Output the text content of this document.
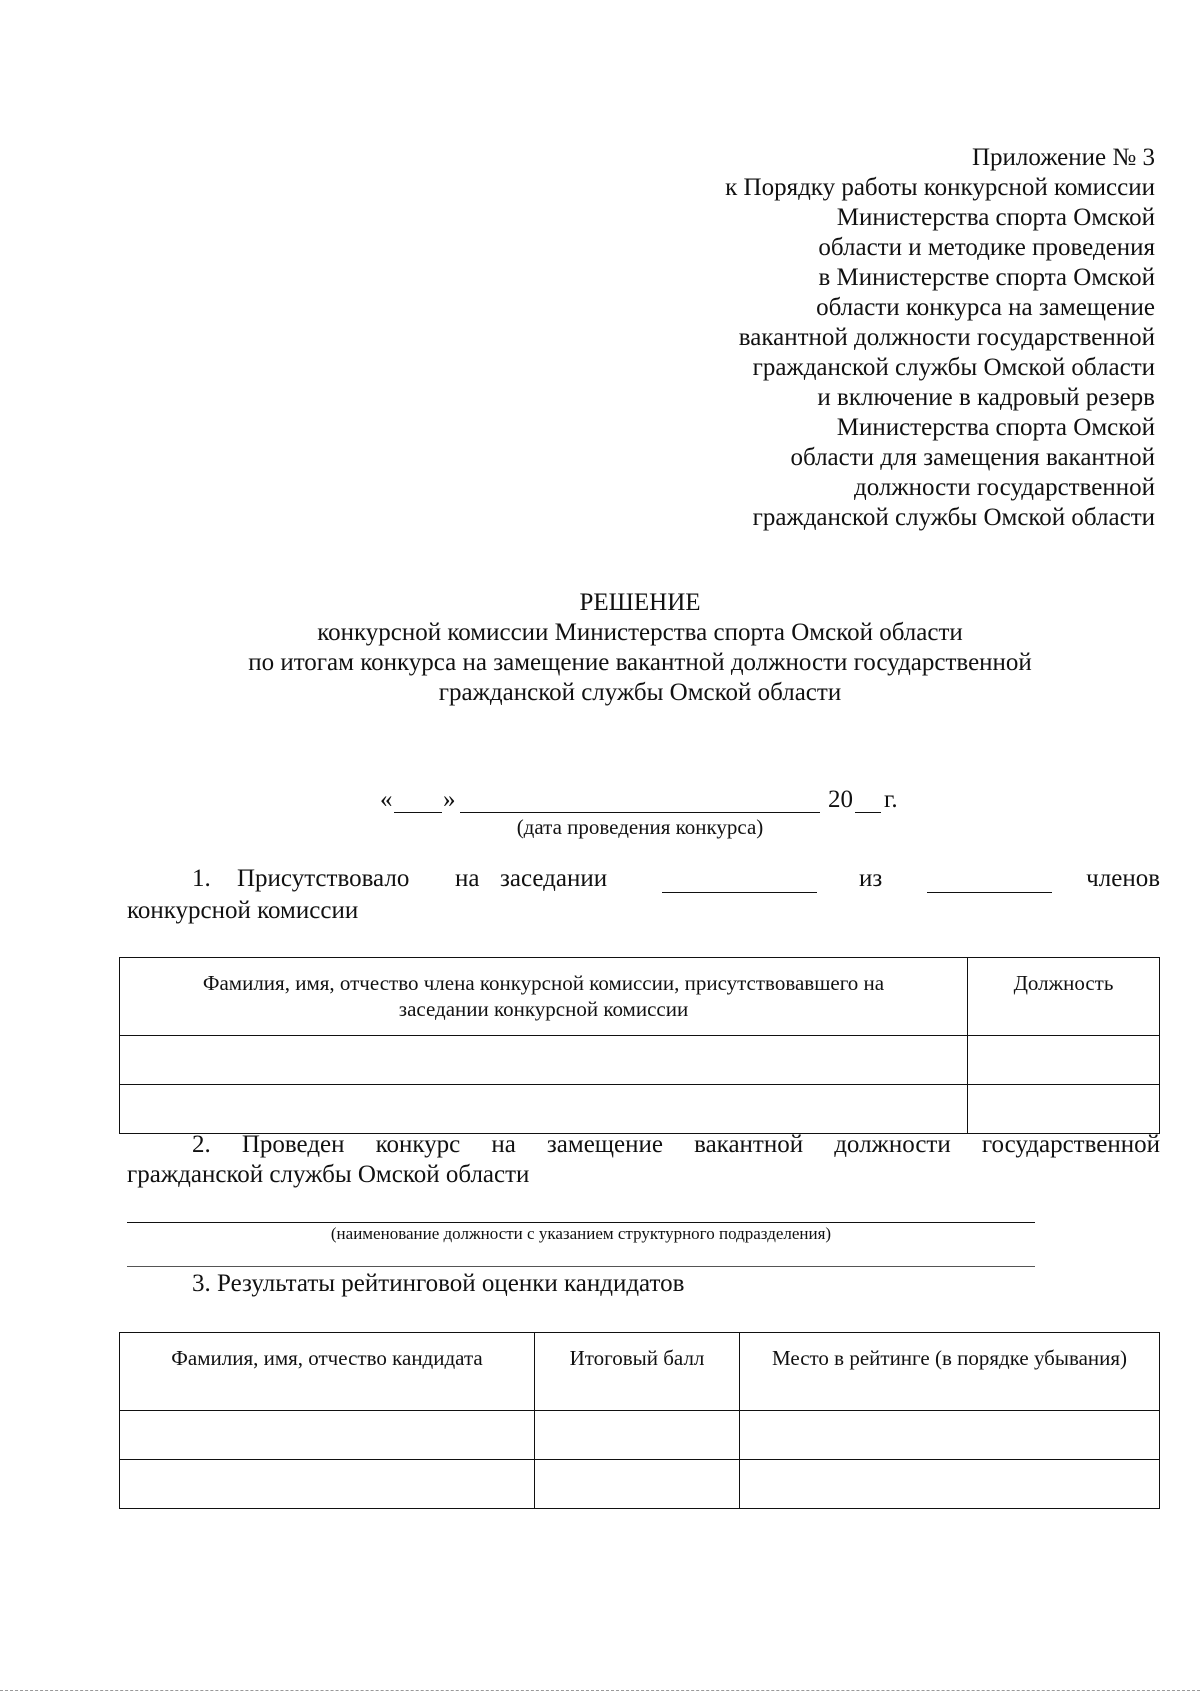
Приложение № 3
к Порядку работы конкурсной комиссии
Министерства спорта Омской
области и методике проведения
в Министерстве спорта Омской
области конкурса на замещение
вакантной должности государственной
гражданской службы Омской области
и включение в кадровый резерв
Министерства спорта Омской
области для замещения вакантной
должности государственной
гражданской службы Омской области
РЕШЕНИЕ
конкурсной комиссии Министерства спорта Омской области
по итогам конкурса на замещение вакантной должности государственной
гражданской службы Омской области
« »	20 г.
(дата проведения конкурса)
1. Присутствовало на заседании	из	членов
конкурсной комиссии
Фамилия, имя, отчество члена конкурсной комиссии, присутствовавшего на заседании конкурсной комиссии	Должность

2. Проведен конкурс на замещение вакантной должности государственной
гражданской службы Омской области
(наименование должности с указанием структурного подразделения)
3. Результаты рейтинговой оценки кандидатов
Фамилия, имя, отчество кандидата	Итоговый балл	Место в рейтинге (в порядке убывания)
